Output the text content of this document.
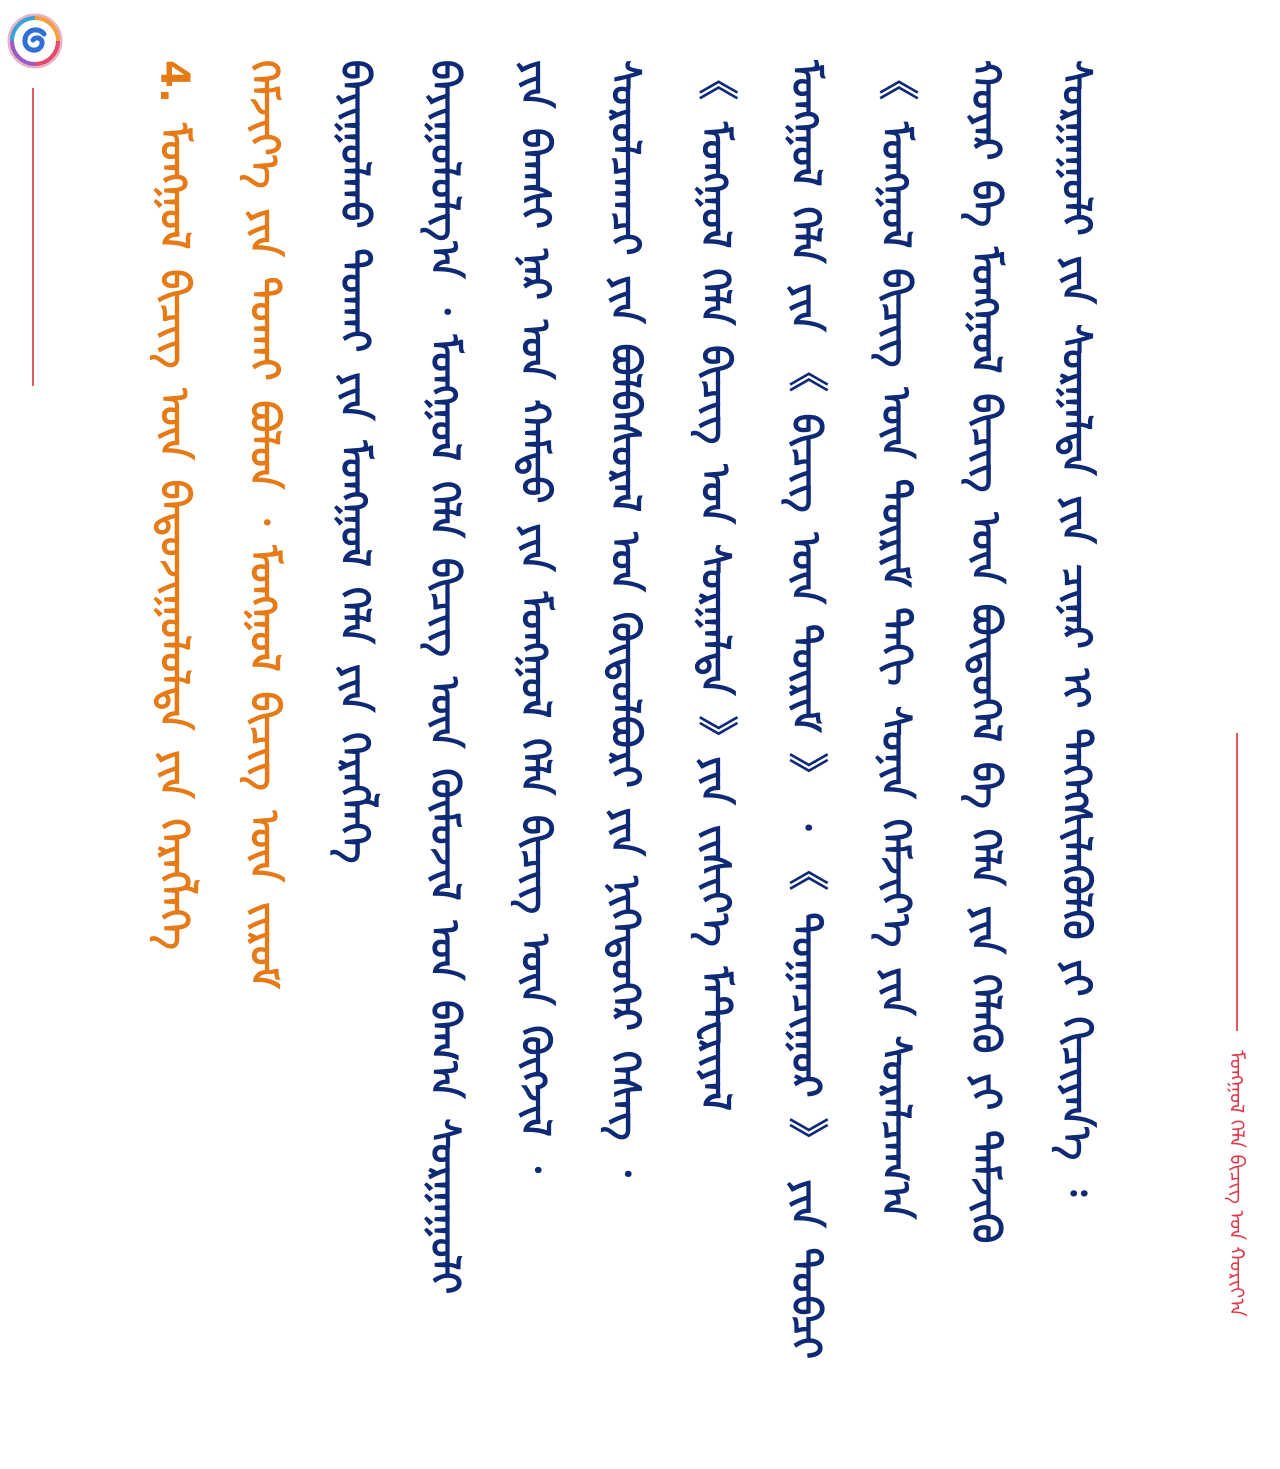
4. ᠮᠣᠩᠭᠣᠯ ᠪᠢᠴᠢᠭ ᠦᠨ ᠪᠠᠲᠤᠵᠢᠭᠤᠯᠤᠯᠲᠠ ᠶᠢᠨ ᠬᠡᠷᠡᠭᠯᠡᠭᠡ ᠬᠡᠮᠵᠢᠶ᠎ᠡ ᠶᠢᠨ ᠲᠤᠬᠠᠢ ᠪᠣᠯᠣᠨ ᠂ ᠮᠣᠩᠭᠣᠯ ᠪᠢᠴᠢᠭ ᠦᠨ ᠵᠢᠷᠤᠮ ᠪᠠᠶᠢᠭᠤᠯᠬᠤ ᠲᠤᠬᠠᠢ ᠶᠢᠨ ᠮᠣᠩᠭᠣᠯ ᠬᠡᠯᠡ ᠶᠢᠨ ᠬᠡᠷᠡᠭᠯᠡᠭᠡ ᠪᠠᠶᠢᠭᠤᠯᠤᠯᠭ᠎ᠠ ᠂ ᠮᠣᠩᠭᠣᠯ ᠬᠡᠯᠡ ᠪᠢᠴᠢᠭ ᠦᠨ ᠬᠦᠮᠦᠵᠢᠯ ᠤᠨ ᠪᠠᠭ᠎ᠠ ᠰᠤᠷᠭᠠᠭᠤᠯᠢ ᠶᠢᠨ ᠪᠠᠭᠰᠢ ᠨᠠᠷ ᠤᠨ ᠬᠠᠮᠲᠤ ᠶᠢᠨ ᠮᠣᠩᠭᠣᠯ ᠬᠡᠯᠡ ᠪᠢᠴᠢᠭ ᠦᠨ ᠬᠥᠭᠵᠢᠯ ᠂ ᠰᠤᠷᠤᠯᠴᠠᠭᠴᠢ ᠶᠢᠨ ᠪᠣᠯᠪᠠᠰᠤᠷᠠᠯ ᠤᠨ ᠬᠥᠲᠦᠯᠪᠦᠷᠢ ᠶᠢᠨ ᠨᠢᠭᠡᠳᠦᠭᠡᠷ ᠬᠡᠰᠡᠭ ᠂ 《 ᠮᠣᠩᠭᠣᠯ ᠬᠡᠯᠡ ᠪᠢᠴᠢᠭ ᠤᠨ ᠰᠤᠷᠭᠠᠯᠲᠠ 》ᠶᠢᠨ ᠵᠢᠱᠢᠶ᠎ᠡ ᠮᠠᠲᠧᠷᠢᠶᠠᠯ ᠮᠣᠩᠭᠣᠯ ᠬᠡᠯᠡ ᠶᠢᠨ 《 ᠪᠢᠴᠢᠭ ᠦᠨ ᠳᠦᠷᠢᠮ 》 ᠂ 《 ᠲᠣᠭᠠᠴᠢᠭᠤᠷ 》 ᠶᠢᠨ ᠲᠣᠪᠴᠢ 《 ᠮᠣᠩᠭᠣᠯ ᠪᠢᠴᠢᠭ ᠦᠨ ᠳᠦᠷᠢᠮ ᠲᠡᠬᠢ ᠰᠣᠨᠢᠨ ᠬᠡᠮᠵᠢᠶ᠎ᠡ ᠶᠢᠨ ᠰᠤᠷᠠᠯᠴᠠᠭ᠎ᠠ ᠬᠣᠶᠠᠷ ᠪᠠ ᠮᠣᠩᠭᠣᠯ ᠪᠢᠴᠢᠭ ᠦᠨ ᠪᠦᠲᠦᠭᠡᠯ ᠪᠠ ᠬᠡᠯᠡ ᠶᠢᠨ ᠬᠡᠯᠡᠬᠦ ᠶᠢ ᠳᠡᠮᠵᠢᠬᠦ ᠰᠤᠷᠭᠠᠭᠤᠯᠢ ᠶᠢᠨ ᠰᠤᠷᠭᠠᠯᠲᠠ ᠶᠢᠨ ᠴᠢᠨᠠᠷ ᠢ ᠳᠡᠭᠡᠭᠰᠢᠯᠡᠭᠦᠯᠬᠦ ᠶᠢ ᠬᠢᠴᠢᠶᠡᠨ᠎ᠡ ᠄	ᠮᠣᠩᠭᠣᠯ ᠬᠡᠯᠡ ᠪᠢᠴᠢᠭ ᠤᠨ ᠬᠤᠷᠢᠶ᠎ᠠ
